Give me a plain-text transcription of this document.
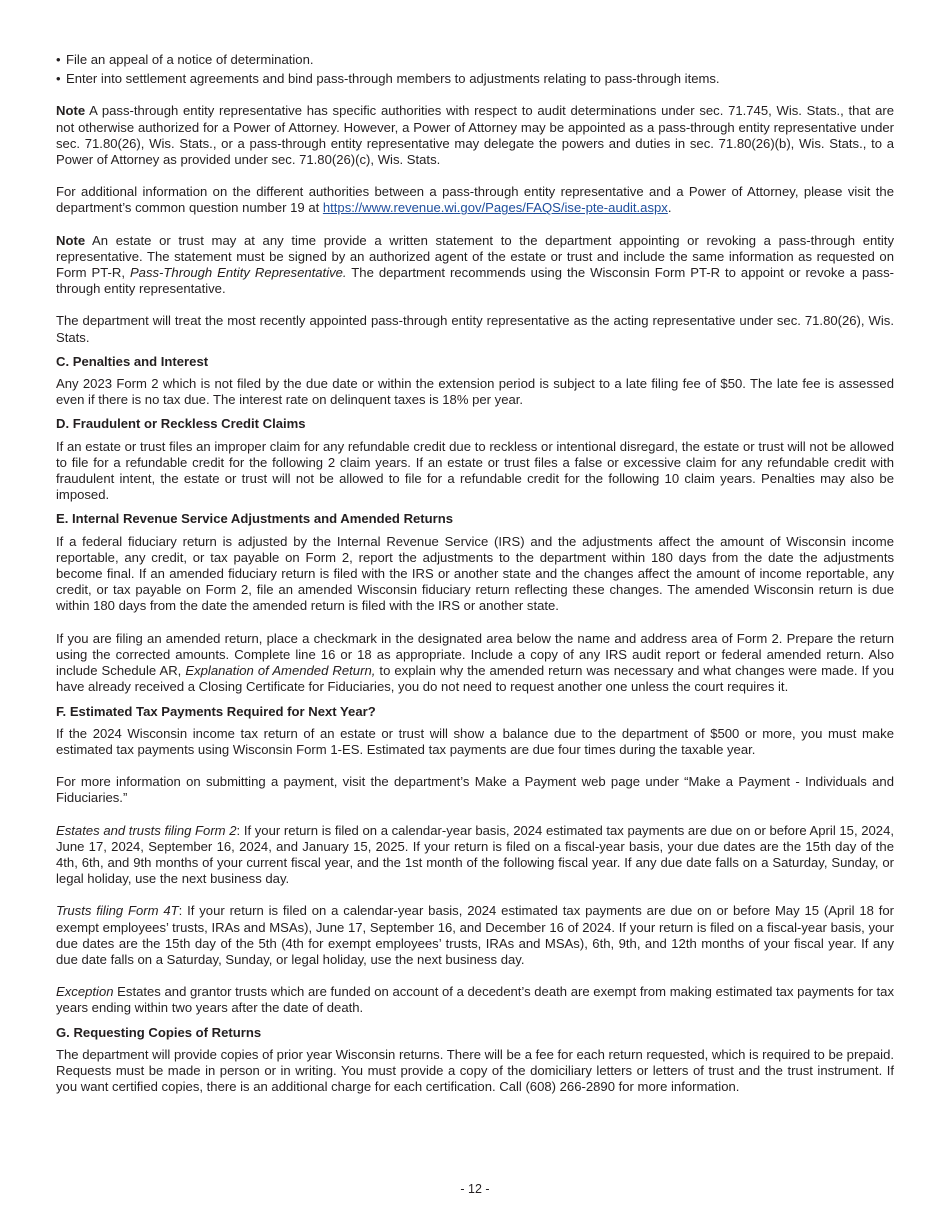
• File an appeal of a notice of determination.
• Enter into settlement agreements and bind pass-through members to adjustments relating to pass-through items.

Note A pass-through entity representative has specific authorities with respect to audit determinations under sec. 71.745, Wis. Stats., that are not otherwise authorized for a Power of Attorney. However, a Power of Attorney may be appointed as a pass-through entity representative under sec. 71.80(26), Wis. Stats., or a pass-through entity representative may delegate the powers and duties in sec. 71.80(26)(b), Wis. Stats., to a Power of Attorney as provided under sec. 71.80(26)(c), Wis. Stats.

For additional information on the different authorities between a pass-through entity representative and a Power of Attorney, please visit the department’s common question number 19 at https://www.revenue.wi.gov/Pages/FAQS/ise-pte-audit.aspx.

Note An estate or trust may at any time provide a written statement to the department appointing or revoking a pass-through entity representative. The statement must be signed by an authorized agent of the estate or trust and include the same information as requested on Form PT-R, Pass-Through Entity Representative. The department recommends using the Wisconsin Form PT-R to appoint or revoke a pass-through entity representative.

The department will treat the most recently appointed pass-through entity representative as the acting representative under sec. 71.80(26), Wis. Stats.

C. Penalties and Interest

Any 2023 Form 2 which is not filed by the due date or within the extension period is subject to a late filing fee of $50. The late fee is assessed even if there is no tax due. The interest rate on delinquent taxes is 18% per year.

D. Fraudulent or Reckless Credit Claims

If an estate or trust files an improper claim for any refundable credit due to reckless or intentional disregard, the estate or trust will not be allowed to file for a refundable credit for the following 2 claim years. If an estate or trust files a false or excessive claim for any refundable credit with fraudulent intent, the estate or trust will not be allowed to file for a refundable credit for the following 10 claim years. Penalties may also be imposed.

E. Internal Revenue Service Adjustments and Amended Returns

If a federal fiduciary return is adjusted by the Internal Revenue Service (IRS) and the adjustments affect the amount of Wisconsin income reportable, any credit, or tax payable on Form 2, report the adjustments to the department within 180 days from the date the adjustments become final. If an amended fiduciary return is filed with the IRS or another state and the changes affect the amount of income reportable, any credit, or tax payable on Form 2, file an amended Wisconsin fiduciary return reflecting these changes. The amended Wisconsin return is due within 180 days from the date the amended return is filed with the IRS or another state.

If you are filing an amended return, place a checkmark in the designated area below the name and address area of Form 2. Prepare the return using the corrected amounts. Complete line 16 or 18 as appropriate. Include a copy of any IRS audit report or federal amended return. Also include Schedule AR, Explanation of Amended Return, to explain why the amended return was necessary and what changes were made. If you have already received a Closing Certificate for Fiduciaries, you do not need to request another one unless the court requires it.

F. Estimated Tax Payments Required for Next Year?

If the 2024 Wisconsin income tax return of an estate or trust will show a balance due to the department of $500 or more, you must make estimated tax payments using Wisconsin Form 1-ES. Estimated tax payments are due four times during the taxable year.

For more information on submitting a payment, visit the department’s Make a Payment web page under “Make a Payment - Individuals and Fiduciaries.”

Estates and trusts filing Form 2: If your return is filed on a calendar-year basis, 2024 estimated tax payments are due on or before April 15, 2024, June 17, 2024, September 16, 2024, and January 15, 2025. If your return is filed on a fiscal-year basis, your due dates are the 15th day of the 4th, 6th, and 9th months of your current fiscal year, and the 1st month of the following fiscal year. If any due date falls on a Saturday, Sunday, or legal holiday, use the next business day.

Trusts filing Form 4T: If your return is filed on a calendar-year basis, 2024 estimated tax payments are due on or before May 15 (April 18 for exempt employees’ trusts, IRAs and MSAs), June 17, September 16, and December 16 of 2024. If your return is filed on a fiscal-year basis, your due dates are the 15th day of the 5th (4th for exempt employees’ trusts, IRAs and MSAs), 6th, 9th, and 12th months of your fiscal year. If any due date falls on a Saturday, Sunday, or legal holiday, use the next business day.

Exception Estates and grantor trusts which are funded on account of a decedent’s death are exempt from making estimated tax payments for tax years ending within two years after the date of death.

G. Requesting Copies of Returns

The department will provide copies of prior year Wisconsin returns. There will be a fee for each return requested, which is required to be prepaid. Requests must be made in person or in writing. You must provide a copy of the domiciliary letters or letters of trust and the trust instrument. If you want certified copies, there is an additional charge for each certification. Call (608) 266-2890 for more information.

- 12 -
